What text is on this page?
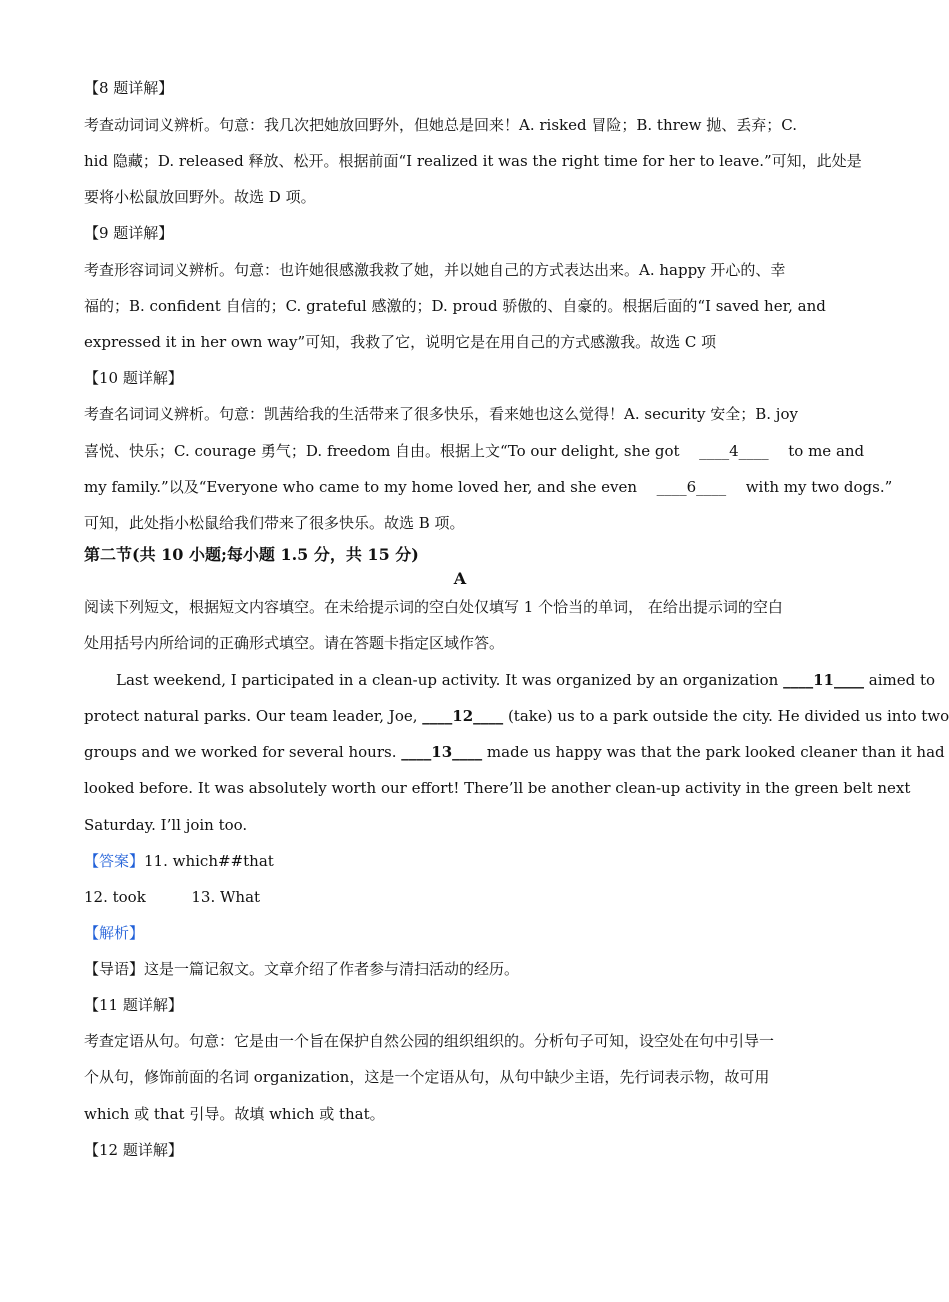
【8 题详解】
考查动词词义辨析。句意：我几次把她放回野外，但她总是回来！A. risked 冒险；B. threw 抛、丢弃；C.
hid 隐藏；D. released 释放、松开。根据前面“I realized it was the right time for her to leave.”可知，此处是
要将小松鼠放回野外。故选 D 项。
【9 题详解】
考查形容词词义辨析。句意：也许她很感激我救了她，并以她自己的方式表达出来。A. happy 开心的、幸
福的；B. confident 自信的；C. grateful 感激的；D. proud 骄傲的、自豪的。根据后面的“I saved her, and
expressed it in her own way”可知，我救了它，说明它是在用自己的方式感激我。故选 C 项
【10 题详解】
考查名词词义辨析。句意：凯茜给我的生活带来了很多快乐，看来她也这么觉得！A. security 安全；B. joy
喜悦、快乐；C. courage 勇气；D. freedom 自由。根据上文“To our delight, she got ____4____ to me and
my family.”以及“Everyone who came to my home loved her, and she even ____6____ with my two dogs.”
可知，此处指小松鼠给我们带来了很多快乐。故选 B 项。
第二节(共 10 小题;每小题 1.5 分，共 15 分)
A
阅读下列短文，根据短文内容填空。在未给提示词的空白处仅填写 1 个恰当的单词， 在给出提示词的空白
处用括号内所给词的正确形式填空。请在答题卡指定区域作答。
Last weekend, I participated in a clean-up activity. It was organized by an organization ____11____ aimed to
protect natural parks. Our team leader, Joe, ____12____ (take) us to a park outside the city. He divided us into two
groups and we worked for several hours. ____13____ made us happy was that the park looked cleaner than it had
looked before. It was absolutely worth our effort! There’ll be another clean-up activity in the green belt next
Saturday. I’ll join too.
【答案】11. which##that
12. took	13. What
【解析】
【导语】这是一篇记叙文。文章介绍了作者参与清扫活动的经历。
【11 题详解】
考查定语从句。句意：它是由一个旨在保护自然公园的组织组织的。分析句子可知，设空处在句中引导一
个从句，修饰前面的名词 organization，这是一个定语从句，从句中缺少主语，先行词表示物，故可用
which 或 that 引导。故填 which 或 that。
【12 题详解】
